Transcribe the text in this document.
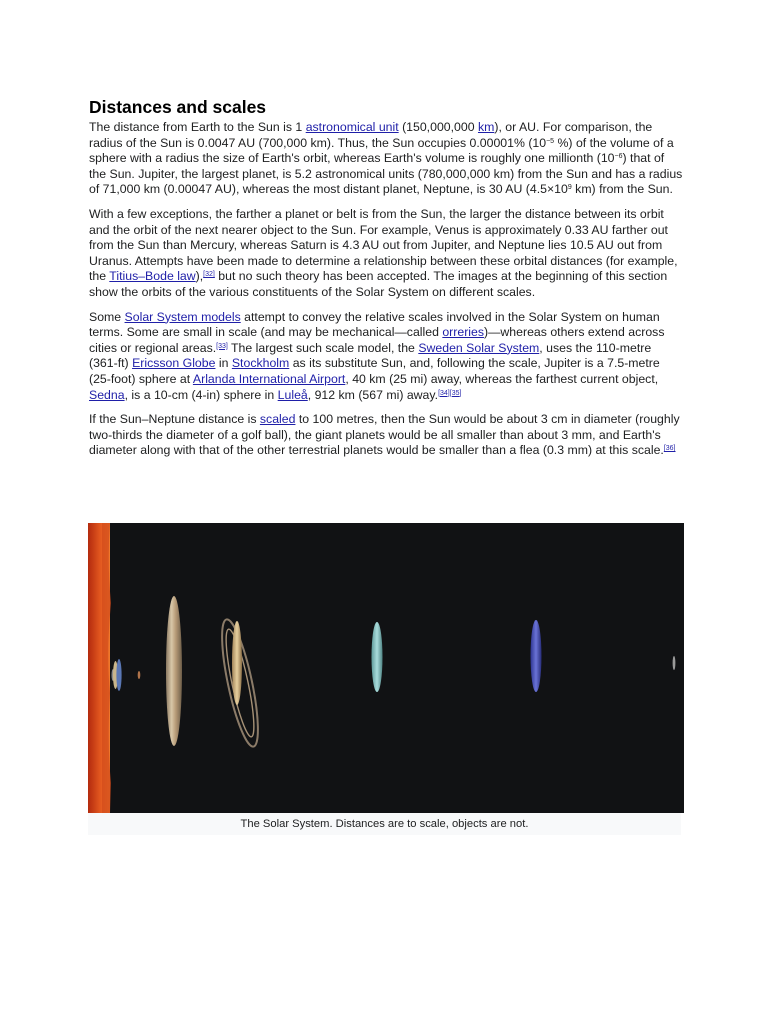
Distances and scales

The distance from Earth to the Sun is 1 astronomical unit (150,000,000 km), or AU. For comparison, the radius of the Sun is 0.0047 AU (700,000 km). Thus, the Sun occupies 0.00001% ($10^{-5}$ %) of the volume of a sphere with a radius the size of Earth's orbit, whereas Earth's volume is roughly one millionth $(10^{-6})$ that of the Sun. Jupiter, the largest planet, is 5.2 astronomical units (780,000,000 km) from the Sun and has a radius of 71,000 km (0.00047 AU), whereas the most distant planet, Neptune, is 30 AU ($4.5\times 10^9$ km) from the Sun.

With a few exceptions, the farther a planet or belt is from the Sun, the larger the distance between its orbit and the orbit of the next nearer object to the Sun. For example, Venus is approximately 0.33 AU farther out from the Sun than Mercury, whereas Saturn is 4.3 AU out from Jupiter, and Neptune lies 10.5 AU out from Uranus. Attempts have been made to determine a relationship between these orbital distances (for example, the Titius–Bode law),[32] but no such theory has been accepted. The images at the beginning of this section show the orbits of the various constituents of the Solar System on different scales.

Some Solar System models attempt to convey the relative scales involved in the Solar System on human terms. Some are small in scale (and may be mechanical—called orreries)—whereas others extend across cities or regional areas.[33] The largest such scale model, the Sweden Solar System, uses the 110-metre (361-ft) Ericsson Globe in Stockholm as its substitute Sun, and, following the scale, Jupiter is a 7.5-metre (25-foot) sphere at Arlanda International Airport, 40 km (25 mi) away, whereas the farthest current object, Sedna, is a 10-cm (4-in) sphere in Luleå, 912 km (567 mi) away.[34][35]

If the Sun–Neptune distance is scaled to 100 metres, then the Sun would be about 3 cm in diameter (roughly two-thirds the diameter of a golf ball), the giant planets would be all smaller than about 3 mm, and Earth's diameter along with that of the other terrestrial planets would be smaller than a flea (0.3 mm) at this scale.[36]

The Solar System. Distances are to scale, objects are not.
